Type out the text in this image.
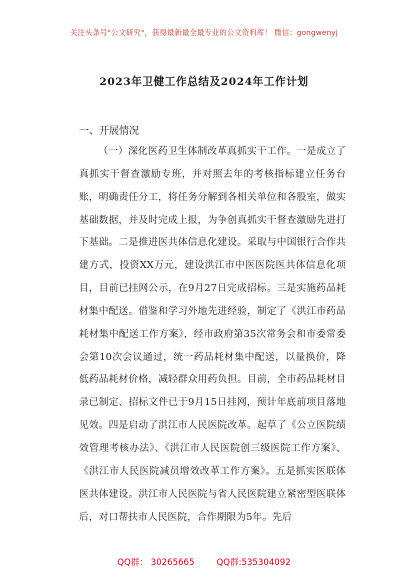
关注头条号"公文研究"，获得最新最全最专业的公文资料库！ 微信：gongwenyj
2023年卫健工作总结及2024年工作计划
一、开展情况
（一）深化医药卫生体制改革真抓实干工作。一是成立了真抓实干督查激励专班，并对照去年的考核指标建立任务台账，明确责任分工，将任务分解到各相关单位和各股室，做实基础数据，并及时完成上报，为争创真抓实干督查激励先进打下基础。二是推进医共体信息化建设。采取与中国银行合作共建方式，投资XX万元，建设洪江市中医医院医共体信息化项目，目前已挂网公示，在9月27日完成招标。三是实施药品耗材集中配送。借鉴和学习外地先进经验，制定了《洪江市药品耗材集中配送工作方案》，经市政府第35次常务会和市委常委会第10次会议通过，统一药品耗材集中配送，以量换价，降低药品耗材价格，减轻群众用药负担。目前，全市药品耗材目录已制定、招标文件已于9月15日挂网，预计年底前项目落地见效。四是启动了洪江市人民医院改革。起草了《公立医院绩效管理考核办法》、《洪江市人民医院创三级医院工作方案》、《洪江市人民医院减员增效改革工作方案》。五是抓实医联体医共体建设。洪江市人民医院与省人民医院建立紧密型医联体后，对口帮扶市人民医院，合作期限为5年。先后
QQ群： 30265665	QQ群:535304092
